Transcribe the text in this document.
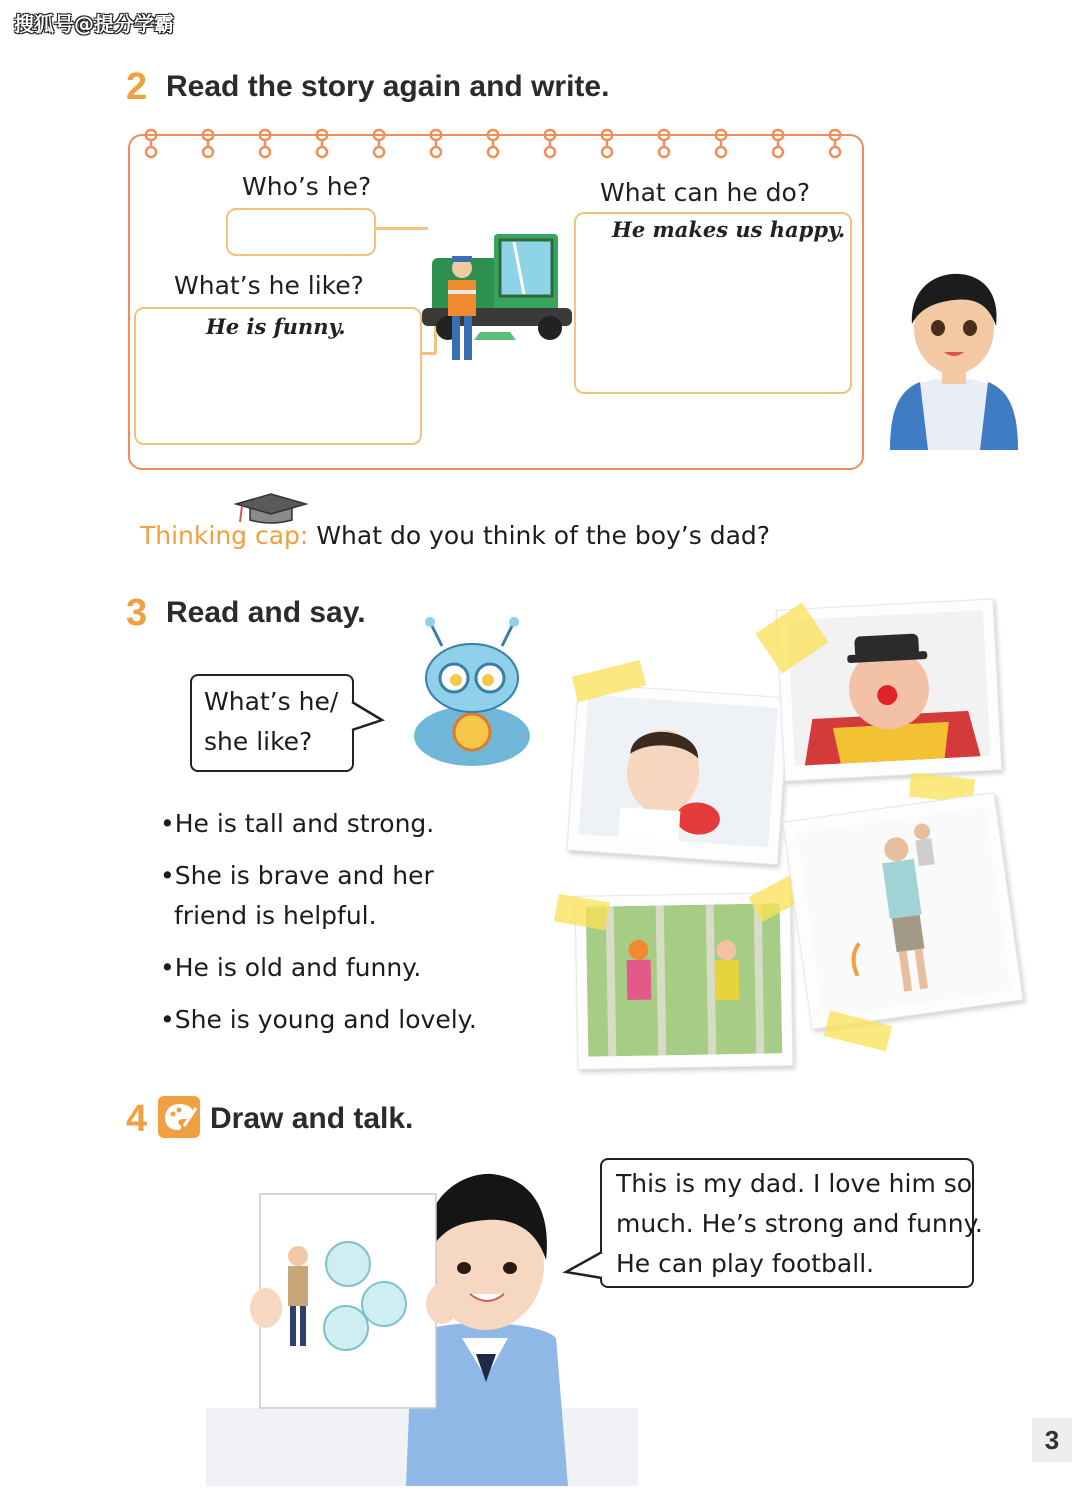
搜狐号@提分学霸
2 Read the story again and write.
Who’s he?
What’s he like?
He is funny.
What can he do?
He makes us happy.
Thinking cap: What do you think of the boy’s dad?
3 Read and say.
What’s he/
she like?
•He is tall and strong.
•She is brave and her
friend is helpful.
•He is old and funny.
•She is young and lovely.
4 Draw and talk.
This is my dad. I love him so
much. He’s strong and funny.
He can play football.
3
